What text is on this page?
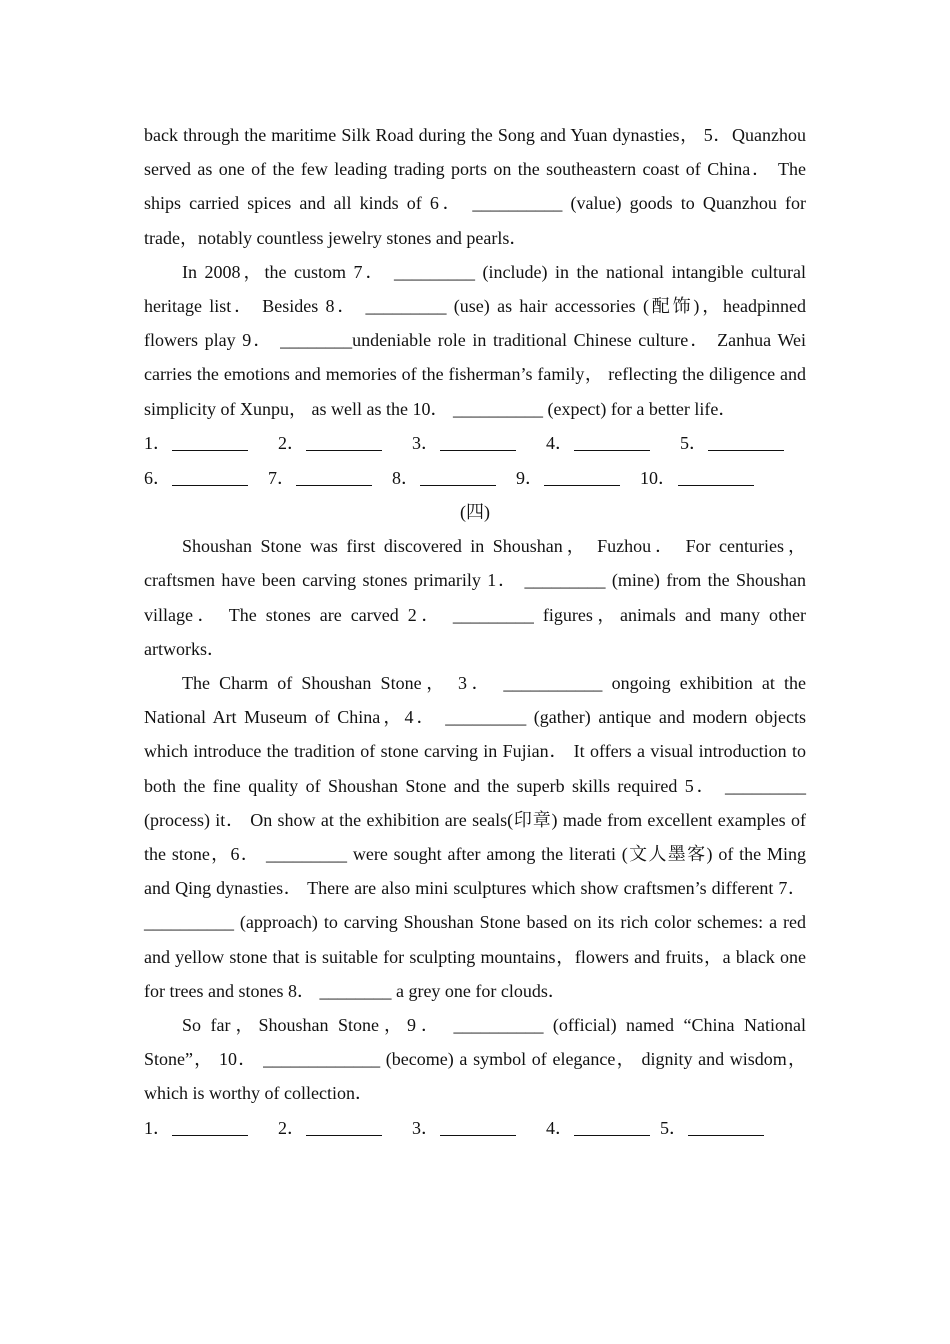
back through the maritime Silk Road during the Song and Yuan dynasties， 5．Quanzhou served as one of the few leading trading ports on the southeastern coast of China． The ships carried spices and all kinds of 6． __________ (value) goods to Quanzhou for trade，notably countless jewelry stones and pearls．

In 2008，the custom 7． _________ (include) in the national intangible cultural heritage list． Besides 8． _________ (use) as hair accessories (配饰)，headpinned flowers play 9． ________undeniable role in traditional Chinese culture． Zanhua Wei carries the emotions and memories of the fisherman’s family， reflecting the diligence and simplicity of Xunpu， as well as the 10． __________ (expect) for a better life．

1．	2．	3．	4．	5．
6．	7．	8．	9．	10．

(四)

Shoushan Stone was first discovered in Shoushan， Fuzhou． For centuries，craftsmen have been carving stones primarily 1． _________ (mine) from the Shoushan village． The stones are carved 2． _________ figures，animals and many other artworks．

The Charm of Shoushan Stone， 3． ___________ ongoing exhibition at the National Art Museum of China，4． _________ (gather) antique and modern objects which introduce the tradition of stone carving in Fujian． It offers a visual introduction to both the fine quality of Shoushan Stone and the superb skills required 5． _________ (process) it． On show at the exhibition are seals(印章) made from excellent examples of the stone，6． _________ were sought after among the literati (文人墨客) of the Ming and Qing dynasties． There are also mini sculptures which show craftsmen’s different 7． __________ (approach) to carving Shoushan Stone based on its rich color schemes: a red and yellow stone that is suitable for sculpting mountains，flowers and fruits，a black one for trees and stones 8． ________ a grey one for clouds．

So far，Shoushan Stone，9． __________ (official) named “China National Stone”， 10． _____________ (become) a symbol of elegance， dignity and wisdom，which is worthy of collection．

1．	2．	3．	4．	5．
